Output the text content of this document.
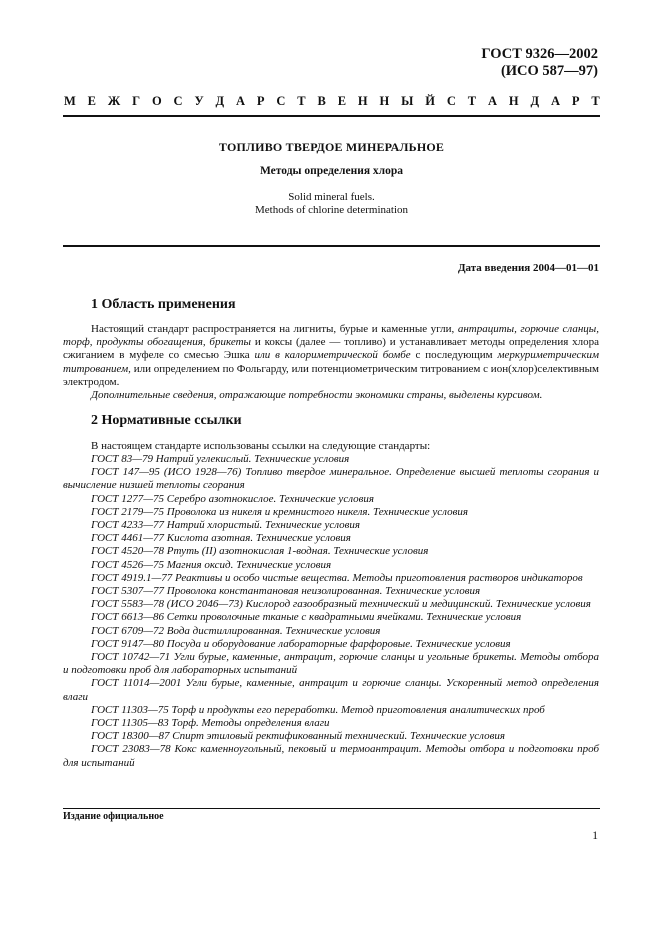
ГОСТ 9326—2002
(ИСО 587—97)
М Е Ж Г О С У Д А Р С Т В Е Н Н Ы Й С Т А Н Д А Р Т
ТОПЛИВО ТВЕРДОЕ МИНЕРАЛЬНОЕ
Методы определения хлора
Solid mineral fuels.
Methods of chlorine determination
Дата введения 2004—01—01
1 Область применения

Настоящий стандарт распространяется на лигниты, бурые и каменные угли, антрациты, горючие сланцы, торф, продукты обогащения, брикеты и коксы (далее — топливо) и устанавливает методы определения хлора сжиганием в муфеле со смесью Эшка или в калориметрической бомбе с последующим меркуриметрическим титрованием, или определением по Фольгарду, или потенциометрическим титрованием с ион(хлор)селективным электродом.

Дополнительные сведения, отражающие потребности экономики страны, выделены курсивом.

2 Нормативные ссылки

В настоящем стандарте использованы ссылки на следующие стандарты:

ГОСТ 83—79 Натрий углекислый. Технические условия

ГОСТ 147—95 (ИСО 1928—76) Топливо твердое минеральное. Определение высшей теплоты сгорания и вычисление низшей теплоты сгорания

ГОСТ 1277—75 Серебро азотнокислое. Технические условия

ГОСТ 2179—75 Проволока из никеля и кремнистого никеля. Технические условия

ГОСТ 4233—77 Натрий хлористый. Технические условия

ГОСТ 4461—77 Кислота азотная. Технические условия

ГОСТ 4520—78 Ртуть (II) азотнокислая 1-водная. Технические условия

ГОСТ 4526—75 Магния оксид. Технические условия

ГОСТ 4919.1—77 Реактивы и особо чистые вещества. Методы приготовления растворов индикаторов

ГОСТ 5307—77 Проволока константановая неизолированная. Технические условия

ГОСТ 5583—78 (ИСО 2046—73) Кислород газообразный технический и медицинский. Технические условия

ГОСТ 6613—86 Сетки проволочные тканые с квадратными ячейками. Технические условия

ГОСТ 6709—72 Вода дистиллированная. Технические условия

ГОСТ 9147—80 Посуда и оборудование лабораторные фарфоровые. Технические условия

ГОСТ 10742—71 Угли бурые, каменные, антрацит, горючие сланцы и угольные брикеты. Методы отбора и подготовки проб для лабораторных испытаний

ГОСТ 11014—2001 Угли бурые, каменные, антрацит и горючие сланцы. Ускоренный метод определения влаги

ГОСТ 11303—75 Торф и продукты его переработки. Метод приготовления аналитических проб

ГОСТ 11305—83 Торф. Методы определения влаги

ГОСТ 18300—87 Спирт этиловый ректификованный технический. Технические условия

ГОСТ 23083—78 Кокс каменноугольный, пековый и термоантрацит. Методы отбора и подготовки проб для испытаний

Издание официальное
1
